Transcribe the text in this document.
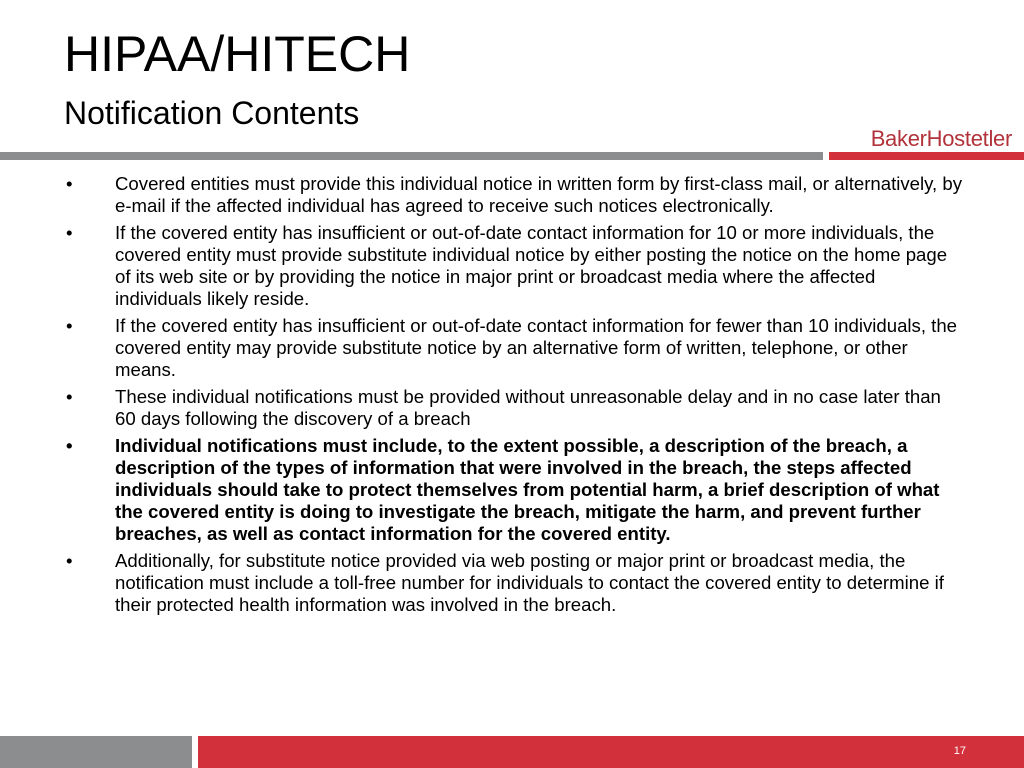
HIPAA/HITECH
Notification Contents
BakerHostetler
• Covered entities must provide this individual notice in written form by first-class mail, or alternatively, by e-mail if the affected individual has agreed to receive such notices electronically.
• If the covered entity has insufficient or out-of-date contact information for 10 or more individuals, the covered entity must provide substitute individual notice by either posting the notice on the home page of its web site or by providing the notice in major print or broadcast media where the affected individuals likely reside.
• If the covered entity has insufficient or out-of-date contact information for fewer than 10 individuals, the covered entity may provide substitute notice by an alternative form of written, telephone, or other means.
• These individual notifications must be provided without unreasonable delay and in no case later than 60 days following the discovery of a breach
• Individual notifications must include, to the extent possible, a description of the breach, a description of the types of information that were involved in the breach, the steps affected individuals should take to protect themselves from potential harm, a brief description of what the covered entity is doing to investigate the breach, mitigate the harm, and prevent further breaches, as well as contact information for the covered entity.
• Additionally, for substitute notice provided via web posting or major print or broadcast media, the notification must include a toll-free number for individuals to contact the covered entity to determine if their protected health information was involved in the breach.
17
